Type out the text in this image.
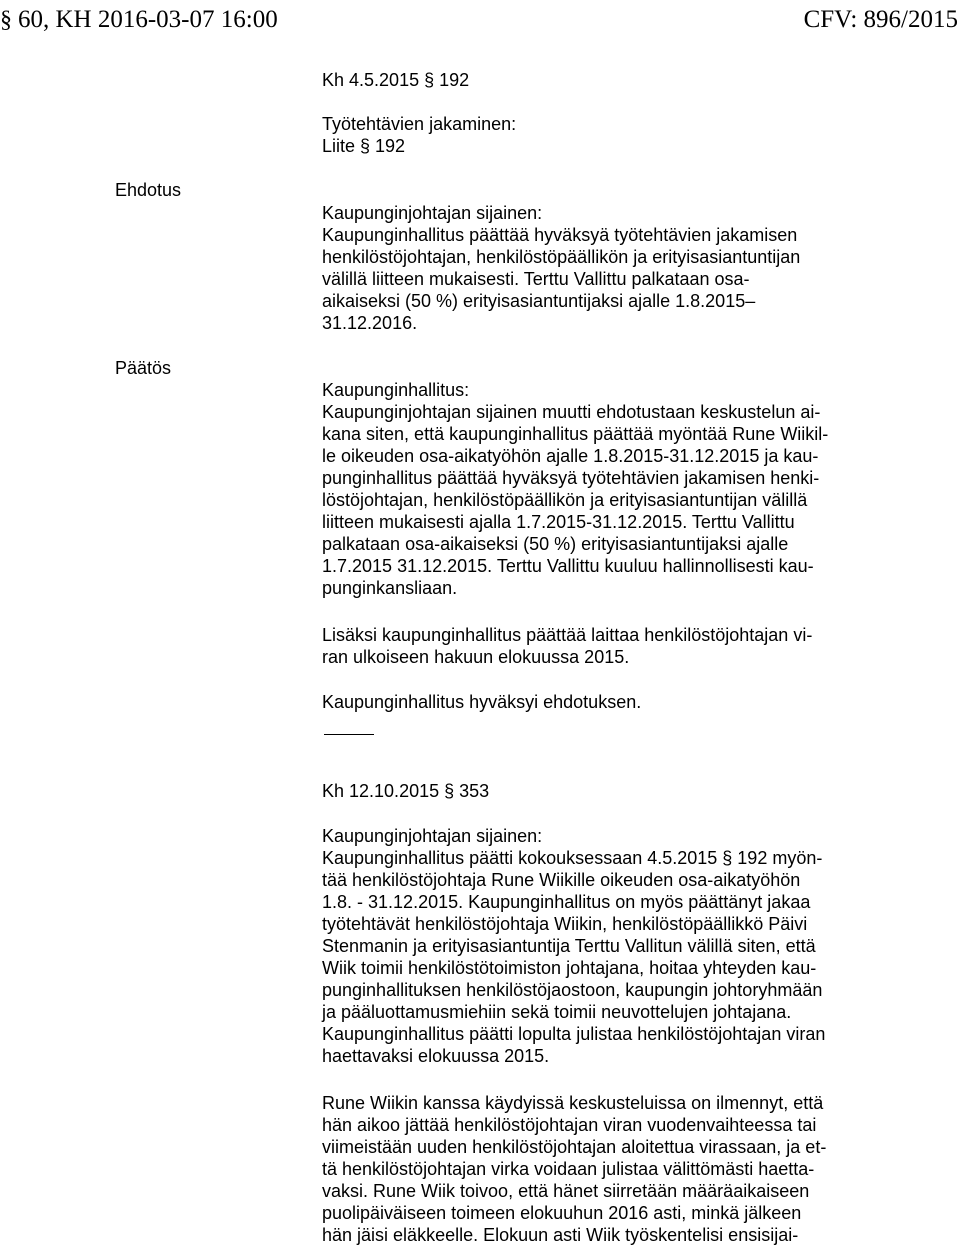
§ 60, KH 2016-03-07 16:00	CFV: 896/2015
Ehdotus
Päätös
Kh 4.5.2015 § 192
Työtehtävien jakaminen:
Liite § 192
Kaupunginjohtajan sijainen:
Kaupunginhallitus päättää hyväksyä työtehtävien jakamisen
henkilöstöjohtajan, henkilöstöpäällikön ja erityisasiantuntijan
välillä liitteen mukaisesti. Terttu Vallittu palkataan osa-
aikaiseksi (50 %) erityisasiantuntijaksi ajalle 1.8.2015–
31.12.2016.
Kaupunginhallitus:
Kaupunginjohtajan sijainen muutti ehdotustaan keskustelun ai-
kana siten, että kaupunginhallitus päättää myöntää Rune Wiikil-
le oikeuden osa-aikatyöhön ajalle 1.8.2015-31.12.2015 ja kau-
punginhallitus päättää hyväksyä työtehtävien jakamisen henki-
löstöjohtajan, henkilöstöpäällikön ja erityisasiantuntijan välillä
liitteen mukaisesti ajalla 1.7.2015-31.12.2015. Terttu Vallittu
palkataan osa-aikaiseksi (50 %) erityisasiantuntijaksi ajalle
1.7.2015 31.12.2015. Terttu Vallittu kuuluu hallinnollisesti kau-
punginkansliaan.
Lisäksi kaupunginhallitus päättää laittaa henkilöstöjohtajan vi-
ran ulkoiseen hakuun elokuussa 2015.
Kaupunginhallitus hyväksyi ehdotuksen.
Kh 12.10.2015 § 353
Kaupunginjohtajan sijainen:
Kaupunginhallitus päätti kokouksessaan 4.5.2015 § 192 myön-
tää henkilöstöjohtaja Rune Wiikille oikeuden osa-aikatyöhön
1.8. - 31.12.2015. Kaupunginhallitus on myös päättänyt jakaa
työtehtävät henkilöstöjohtaja Wiikin, henkilöstöpäällikkö Päivi
Stenmanin ja erityisasiantuntija Terttu Vallitun välillä siten, että
Wiik toimii henkilöstötoimiston johtajana, hoitaa yhteyden kau-
punginhallituksen henkilöstöjaostoon, kaupungin johtoryhmään
ja pääluottamusmiehiin sekä toimii neuvottelujen johtajana.
Kaupunginhallitus päätti lopulta julistaa henkilöstöjohtajan viran
haettavaksi elokuussa 2015.
Rune Wiikin kanssa käydyissä keskusteluissa on ilmennyt, että
hän aikoo jättää henkilöstöjohtajan viran vuodenvaihteessa tai
viimeistään uuden henkilöstöjohtajan aloitettua virassaan, ja et-
tä henkilöstöjohtajan virka voidaan julistaa välittömästi haetta-
vaksi. Rune Wiik toivoo, että hänet siirretään määräaikaiseen
puolipäiväiseen toimeen elokuuhun 2016 asti, minkä jälkeen
hän jäisi eläkkeelle. Elokuun asti Wiik työskentelisi ensisijai-
